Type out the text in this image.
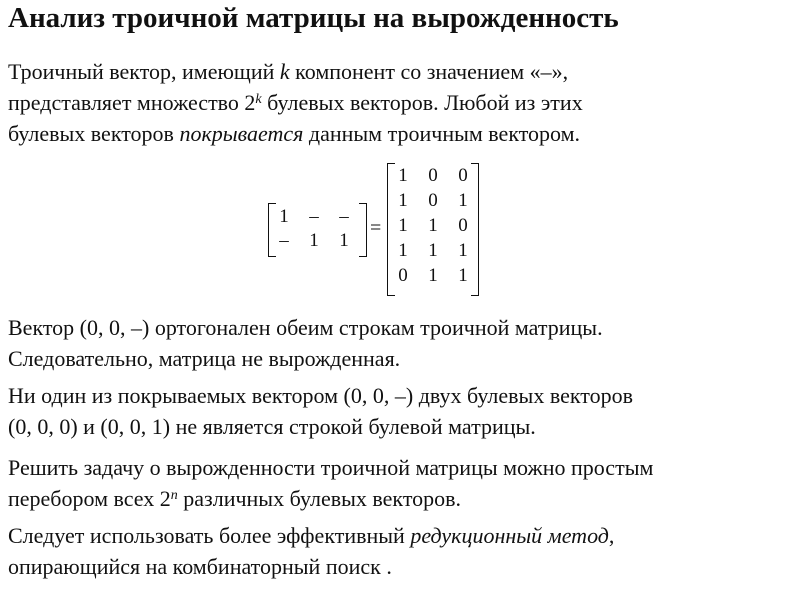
Анализ троичной матрицы на вырожденность
Троичный вектор, имеющий k компонент со значением «–»,
представляет множество 2$^k$ булевых векторов. Любой из этих
булевых векторов покрывается данным троичным вектором.
1	–	–
–	1	1
=
1	0	0
1	0	1
1	1	0
1	1	1
0	1	1
Вектор (0, 0, –) ортогонален обеим строкам троичной матрицы.
Следовательно, матрица не вырожденная.
Ни один из покрываемых вектором (0, 0, –) двух булевых векторов
(0, 0, 0) и (0, 0, 1) не является строкой булевой матрицы.
Решить задачу о вырожденности троичной матрицы можно простым
перебором всех 2$^n$ различных булевых векторов.
Следует использовать более эффективный редукционный метод,
опирающийся на комбинаторный поиск .
